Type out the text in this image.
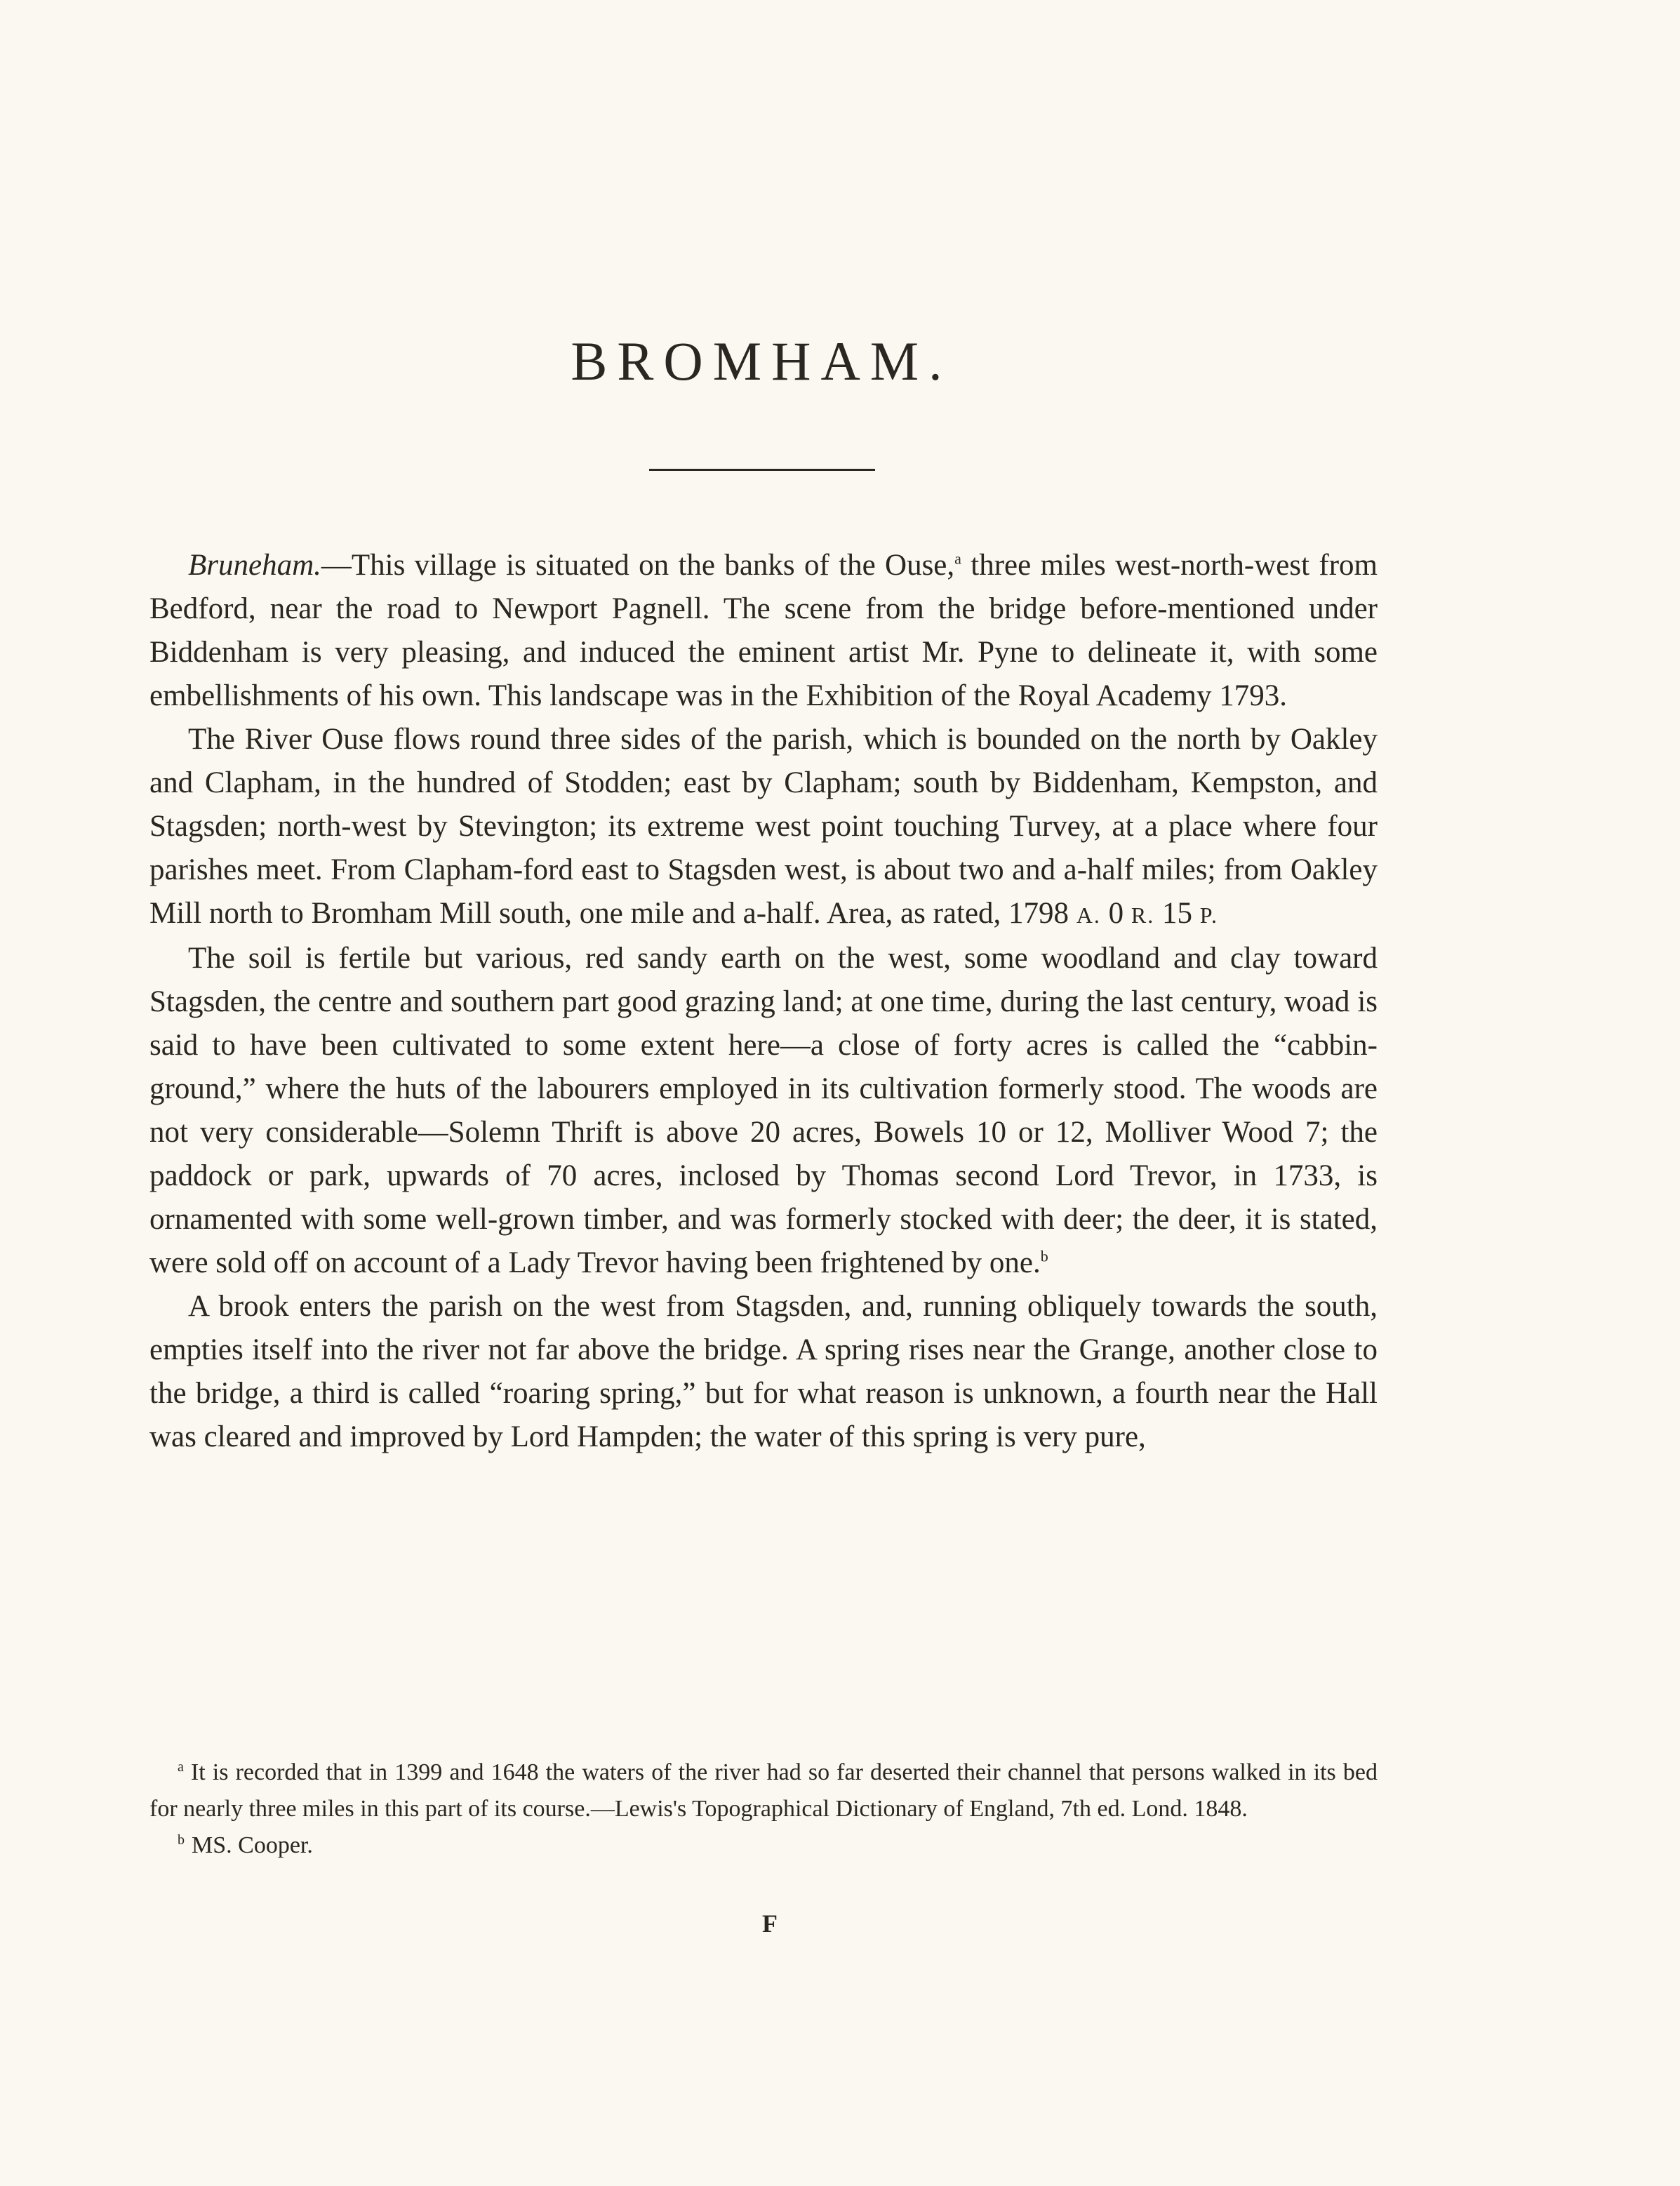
BROMHAM.

Bruneham.—This village is situated on the banks of the Ouse,$^a$ three miles west-north-west from Bedford, near the road to Newport Pagnell. The scene from the bridge before-mentioned under Biddenham is very pleasing, and induced the eminent artist Mr. Pyne to delineate it, with some embellishments of his own. This landscape was in the Exhibition of the Royal Academy 1793.

The River Ouse flows round three sides of the parish, which is bounded on the north by Oakley and Clapham, in the hundred of Stodden; east by Clapham; south by Biddenham, Kempston, and Stagsden; north-west by Stevington; its extreme west point touching Turvey, at a place where four parishes meet. From Clapham-ford east to Stagsden west, is about two and a-half miles; from Oakley Mill north to Bromham Mill south, one mile and a-half. Area, as rated, 1798 A. 0 R. 15 P.

The soil is fertile but various, red sandy earth on the west, some woodland and clay toward Stagsden, the centre and southern part good grazing land; at one time, during the last century, woad is said to have been cultivated to some extent here—a close of forty acres is called the “cabbin-ground,” where the huts of the labourers employed in its cultivation formerly stood. The woods are not very considerable—Solemn Thrift is above 20 acres, Bowels 10 or 12, Molliver Wood 7; the paddock or park, upwards of 70 acres, inclosed by Thomas second Lord Trevor, in 1733, is ornamented with some well-grown timber, and was formerly stocked with deer; the deer, it is stated, were sold off on account of a Lady Trevor having been frightened by one.$^b$

A brook enters the parish on the west from Stagsden, and, running obliquely towards the south, empties itself into the river not far above the bridge. A spring rises near the Grange, another close to the bridge, a third is called “roaring spring,” but for what reason is unknown, a fourth near the Hall was cleared and improved by Lord Hampden; the water of this spring is very pure,

$^a$ It is recorded that in 1399 and 1648 the waters of the river had so far deserted their channel that persons walked in its bed for nearly three miles in this part of its course.—Lewis's Topographical Dictionary of England, 7th ed. Lond. 1848.

$^b$ MS. Cooper.

F
